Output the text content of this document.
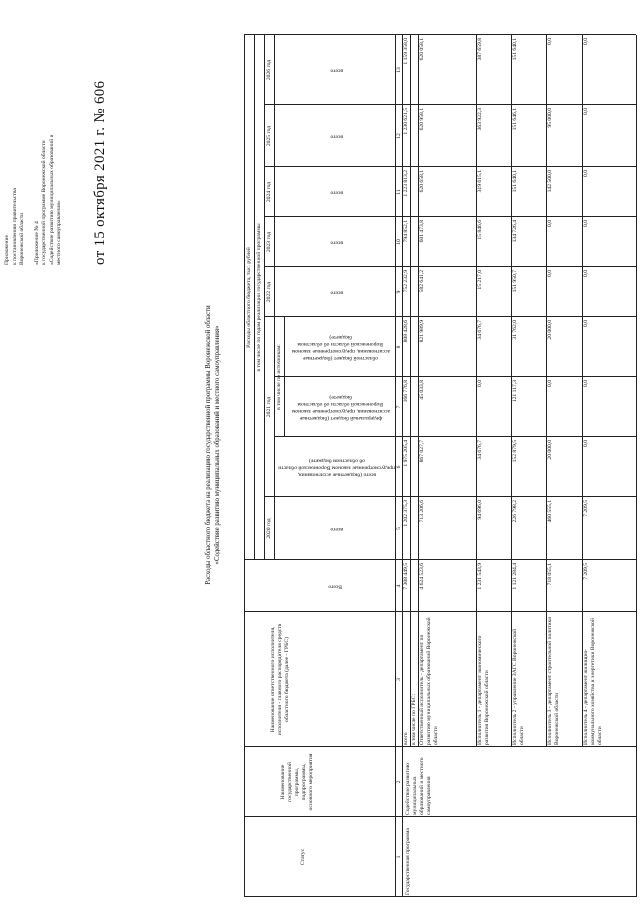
Приложение к постановлению правительства Воронежской области	от 15 октября 2021 г. № 606
«Приложение № 4 к государственной программе Воронежской области «Содействие развитию муниципальных образований и местного самоуправления»
Расходы областного бюджета на реализацию государственной программы Воронежской области «Содействие развитию муниципальных образований и местного самоуправления»
Статус
Наименование государственной программы, подпрограммы, основного мероприятия
Наименование ответственного исполнителя, исполнителя - главного распорядителя средств областного бюджета (далее - ГРБС)
Расходы областного бюджета, тыс. рублей в том числе по годам реализации государственной программы
2020 год
2021 год
2022 год
2023 год
2024 год
2025 год
2026 год
в том числе по источникам:
Всего
всего
всего (бюджетные ассигнования, предусмотренные законом Воронежской области об областном бюджете)
федеральный бюджет (бюджетные ассигнования, предусмотренные законом Воронежской области об областном бюджете)
областной бюджет (бюджетные ассигнования, предусмотренные законом Воронежской области об областном бюджете)
всего
всего
всего
всего
всего
1
2
3
4
5
6
7
8
9
10
11
12
13
Государственная программа
Содействие развитию муниципальных образований и местного самоуправления
всего
7 308 449,5
1 202 375,3
1 975 205,4
166 776,8
808 428,6
752 232,9
794 852,1
1 223 813,2
1 230 621,5
1 159 358,0
в том числе по ГРБС: Ответственный исполнитель - департамент по развитию муниципальных образований Воронежской области
4 624 523,6
713 206,6
867 027,7
45 033,8
821 989,9
582 641,2
601 473,8
620 658,1
620 958,1
620 058,1
Исполнитель 1 - департамент экономического развития Воронежской области
1 231 543,9
94 696,0
34 676,7
0,0
34 676,7
15 217,0
15 846,6
319 615,1
363 922,3
387 659,8
Исполнитель 2 - управление ЗАГС Воронежской области
1 121 284,4
226 798,2
152 879,5
121 117,3
31 762,0
151 950,7
134 726,4
151 640,1
151 646,1
151 640,1
Исполнитель 3 - департамент строительной политики Воронежской области
718 055,1
460 555,1
20 000,0
0,0
20 000,0
0,0
0,0
142 500,0
95 000,0
0,0
Исполнитель 4 - департамент жилищно-коммунального хозяйства и энергетики Воронежской области
7 209,5
7 209,5
0,0
0,0
0,0
0,0
0,0
0,0
0,0
0,0
